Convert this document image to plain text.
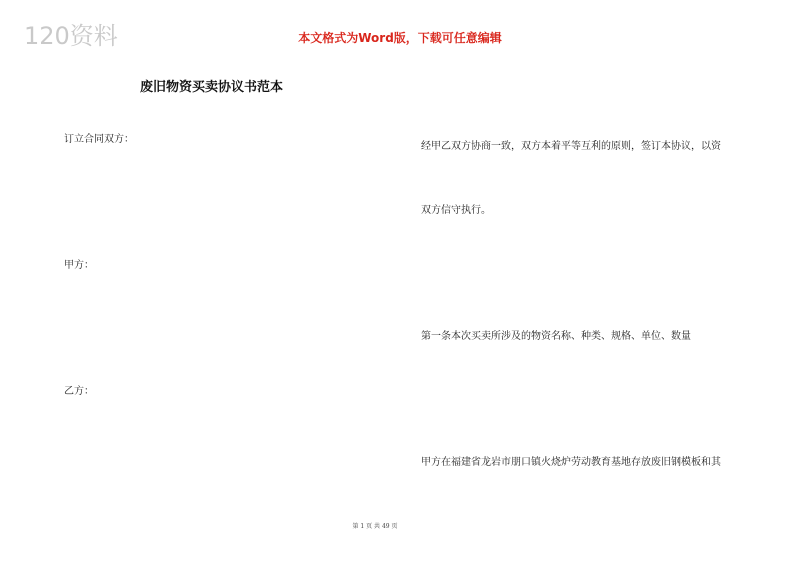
120资料	本文格式为Word版，下载可任意编辑
废旧物资买卖协议书范本
订立合同双方：
甲方：
乙方：
经甲乙双方协商一致，双方本着平等互利的原则，签订本协议，以资
双方信守执行。
第一条本次买卖所涉及的物资名称、种类、规格、单位、数量
甲方在福建省龙岩市朋口镇火烧炉劳动教育基地存放废旧钢模板和其
第 1 页 共 49 页
